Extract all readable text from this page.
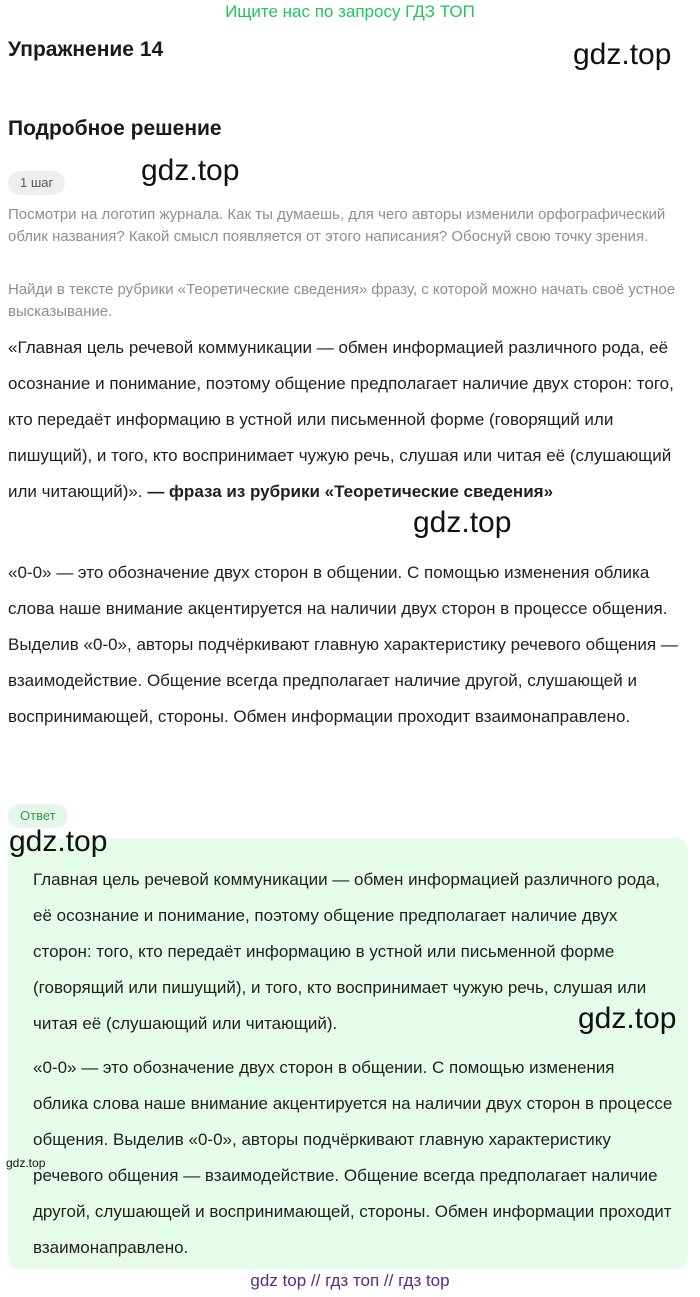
Ищите нас по запросу ГДЗ ТОП
Упражнение 14	gdz.top
Подробное решение
gdz.top
1 шаг

Посмотри на логотип журнала. Как ты думаешь, для чего авторы изменили орфографический облик названия? Какой смысл появляется от этого написания? Обоснуй свою точку зрения.

Найди в тексте рубрики «Теоретические сведения» фразу, с которой можно начать своё устное высказывание.

«Главная цель речевой коммуникации — обмен информацией различного рода, её осознание и понимание, поэтому общение предполагает наличие двух сторон: того, кто передаёт информацию в устной или письменной форме (говорящий или пишущий), и того, кто воспринимает чужую речь, слушая или читая её (слушающий или читающий)». — фраза из рубрики «Теоретические сведения»

gdz.top

«0-0» — это обозначение двух сторон в общении. С помощью изменения облика слова наше внимание акцентируется на наличии двух сторон в процессе общения. Выделив «0-0», авторы подчёркивают главную характеристику речевого общения — взаимодействие. Общение всегда предполагает наличие другой, слушающей и воспринимающей, стороны. Обмен информации проходит взаимонаправлено.

Ответ
gdz.top

Главная цель речевой коммуникации — обмен информацией различного рода, её осознание и понимание, поэтому общение предполагает наличие двух сторон: того, кто передаёт информацию в устной или письменной форме (говорящий или пишущий), и того, кто воспринимает чужую речь, слушая или читая её (слушающий или читающий).	gdz.top

«0-0» — это обозначение двух сторон в общении. С помощью изменения облика слова наше внимание акцентируется на наличии двух сторон в процессе общения. Выделив «0-0», авторы подчёркивают главную характеристику речевого общения — взаимодействие. Общение всегда предполагает наличие другой, слушающей и воспринимающей, стороны. Обмен информации проходит взаимонаправлено.

gdz.top
gdz top // гдз топ // гдз top
